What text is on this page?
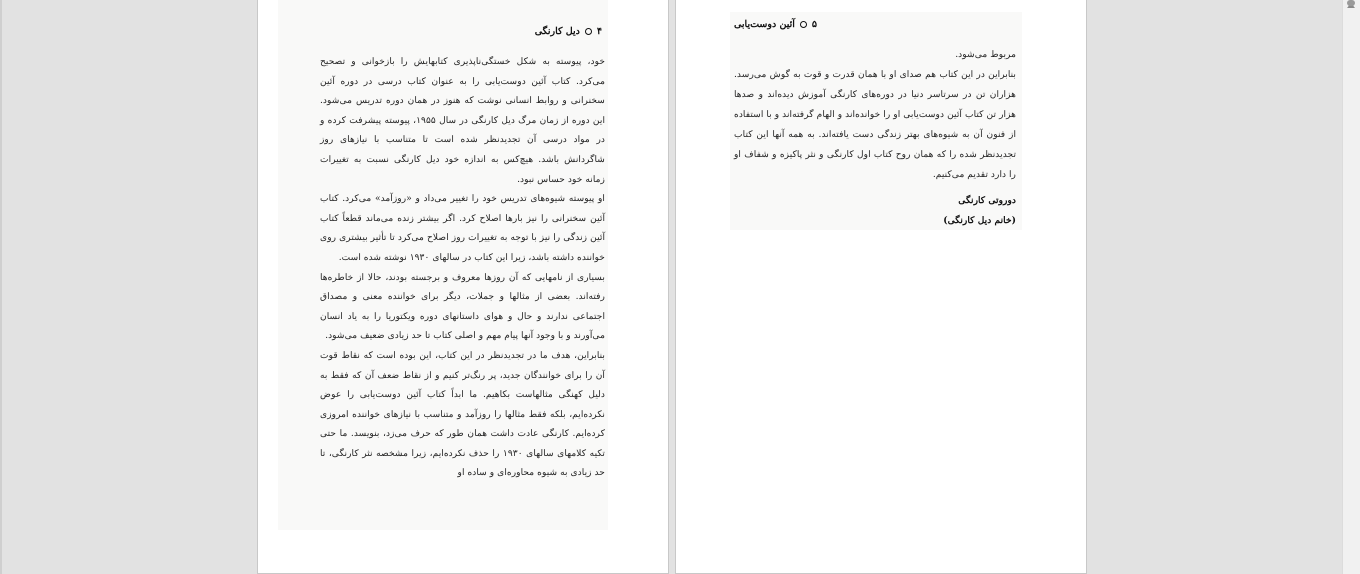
۴دیل کارنگی

خود، پیوسته به شکل خستگی‌ناپذیری کتابهایش را بازخوانی و تصحیح می‌کرد. کتاب آئین دوست‌یابی را به عنوان کتاب درسی در دوره آئین سخنرانی و روابط انسانی نوشت که هنوز در همان دوره تدریس می‌شود. این دوره از زمان مرگ دیل کارنگی در سال ۱۹۵۵، پیوسته پیشرفت کرده و در مواد درسی آن تجدیدنظر شده است تا متناسب با نیازهای روز شاگردانش باشد. هیچ‌کس به اندازه خود دیل کارنگی نسبت به تغییرات زمانه خود حساس نبود.

او پیوسته شیوه‌های تدریس خود را تغییر می‌داد و «روزآمد» می‌کرد. کتاب آئین سخنرانی را نیز بارها اصلاح کرد. اگر بیشتر زنده می‌ماند قطعاً کتاب آئین زندگی را نیز با توجه به تغییرات روز اصلاح می‌کرد تا تأثیر بیشتری روی خواننده داشته باشد، زیرا این کتاب در سالهای ۱۹۳۰ نوشته شده است.

بسیاری از نامهایی که آن روزها معروف و برجسته بودند، حالا از خاطره‌ها رفته‌اند. بعضی از مثالها و جملات، دیگر برای خواننده معنی و مصداق اجتماعی ندارند و حال و هوای داستانهای دوره ویکتوریا را به یاد انسان می‌آورند و با وجود آنها پیام مهم و اصلی کتاب تا حد زیادی ضعیف می‌شود.

بنابراین، هدف ما در تجدیدنظر در این کتاب، این بوده است که نقاط قوت آن را برای خوانندگان جدید، پر رنگ‌تر کنیم و از نقاط ضعف آن که فقط به دلیل کهنگی مثالهاست بکاهیم. ما ابداً کتاب آئین دوست‌یابی را عوض نکرده‌ایم، بلکه فقط مثالها را روزآمد و متناسب با نیازهای خواننده امروزی کرده‌ایم. کارنگی عادت داشت همان طور که حرف می‌زد، بنویسد. ما حتی تکیه کلامهای سالهای ۱۹۳۰ را حذف نکرده‌ایم، زیرا مشخصه نثر کارنگی، تا حد زیادی به شیوه محاوره‌ای و ساده او

۵آئین دوست‌یابی

مربوط می‌شود.

بنابراین در این کتاب هم صدای او با همان قدرت و قوت به گوش می‌رسد. هزاران تن در سرتاسر دنیا در دوره‌های کارنگی آموزش دیده‌اند و صدها هزار تن کتاب آئین دوست‌یابی او را خوانده‌اند و الهام گرفته‌اند و با استفاده از فنون آن به شیوه‌های بهتر زندگی دست یافته‌اند. به همه آنها این کتاب تجدیدنظر شده را که همان روح کتاب اول کارنگی و نثر پاکیزه و شفاف او را دارد تقدیم می‌کنیم.

دوروتی کارنگی
(خانم دیل کارنگی)
